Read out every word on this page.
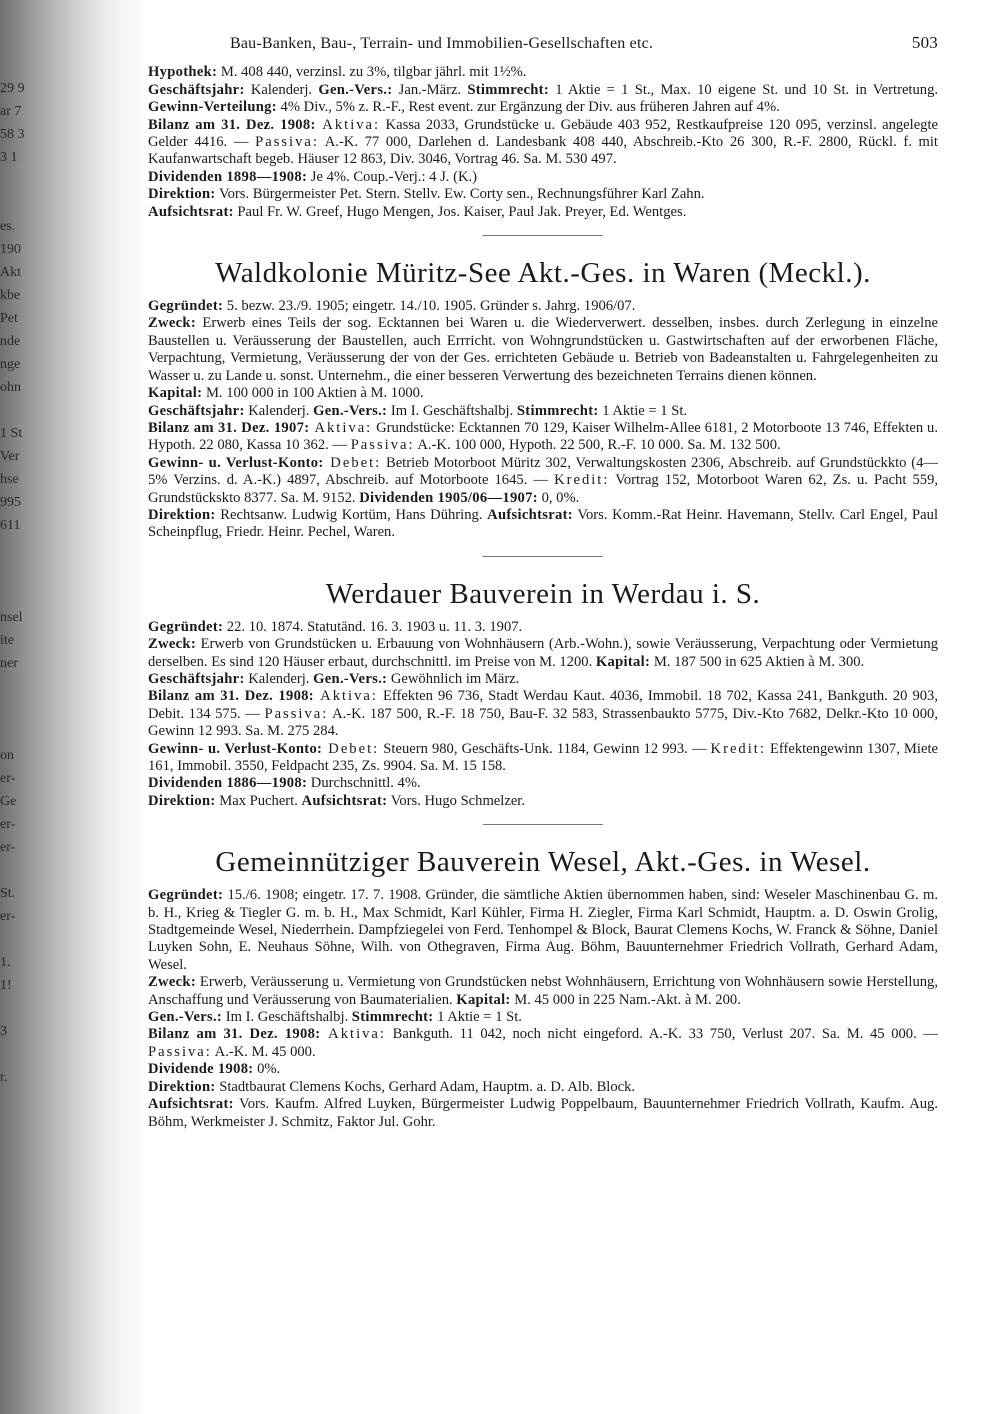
29 9
ar 7
58 3
3 1
es.
190
Akt
kbe
Pet
nde
nge
ohn
1 St
Ver
hse
995
611
nsel
ite
ner
on
er-
Ge
er-
er-
St.
er-
1.
1!
3
r.
Bau-Banken, Bau-, Terrain- und Immobilien-Gesellschaften etc.	503

Hypothek: M. 408 440, verzinsl. zu 3%, tilgbar jährl. mit 1½%.

Geschäftsjahr: Kalenderj. Gen.-Vers.: Jan.-März. Stimmrecht: 1 Aktie = 1 St., Max. 10 eigene St. und 10 St. in Vertretung. Gewinn-Verteilung: 4% Div., 5% z. R.-F., Rest event. zur Ergänzung der Div. aus früheren Jahren auf 4%.

Bilanz am 31. Dez. 1908: Aktiva: Kassa 2033, Grundstücke u. Gebäude 403 952, Restkaufpreise 120 095, verzinsl. angelegte Gelder 4416. — Passiva: A.-K. 77 000, Darlehen d. Landesbank 408 440, Abschreib.-Kto 26 300, R.-F. 2800, Rückl. f. mit Kaufanwartschaft begeb. Häuser 12 863, Div. 3046, Vortrag 46. Sa. M. 530 497.

Dividenden 1898—1908: Je 4%. Coup.-Verj.: 4 J. (K.)

Direktion: Vors. Bürgermeister Pet. Stern. Stellv. Ew. Corty sen., Rechnungsführer Karl Zahn.

Aufsichtsrat: Paul Fr. W. Greef, Hugo Mengen, Jos. Kaiser, Paul Jak. Preyer, Ed. Wentges.

Waldkolonie Müritz-See Akt.-Ges. in Waren (Meckl.).

Gegründet: 5. bezw. 23./9. 1905; eingetr. 14./10. 1905. Gründer s. Jahrg. 1906/07.

Zweck: Erwerb eines Teils der sog. Ecktannen bei Waren u. die Wiederverwert. desselben, insbes. durch Zerlegung in einzelne Baustellen u. Veräusserung der Baustellen, auch Errricht. von Wohngrundstücken u. Gastwirtschaften auf der erworbenen Fläche, Verpachtung, Vermietung, Veräusserung der von der Ges. errichteten Gebäude u. Betrieb von Badeanstalten u. Fahrgelegenheiten zu Wasser u. zu Lande u. sonst. Unternehm., die einer besseren Verwertung des bezeichneten Terrains dienen können.

Kapital: M. 100 000 in 100 Aktien à M. 1000.

Geschäftsjahr: Kalenderj. Gen.-Vers.: Im I. Geschäftshalbj. Stimmrecht: 1 Aktie = 1 St.

Bilanz am 31. Dez. 1907: Aktiva: Grundstücke: Ecktannen 70 129, Kaiser Wilhelm-Allee 6181, 2 Motorboote 13 746, Effekten u. Hypoth. 22 080, Kassa 10 362. — Passiva: A.-K. 100 000, Hypoth. 22 500, R.-F. 10 000. Sa. M. 132 500.

Gewinn- u. Verlust-Konto: Debet: Betrieb Motorboot Müritz 302, Verwaltungskosten 2306, Abschreib. auf Grundstückkto (4—5% Verzins. d. A.-K.) 4897, Abschreib. auf Motorboote 1645. — Kredit: Vortrag 152, Motorboot Waren 62, Zs. u. Pacht 559, Grundstückskto 8377. Sa. M. 9152. Dividenden 1905/06—1907: 0, 0%.

Direktion: Rechtsanw. Ludwig Kortüm, Hans Dühring. Aufsichtsrat: Vors. Komm.-Rat Heinr. Havemann, Stellv. Carl Engel, Paul Scheinpflug, Friedr. Heinr. Pechel, Waren.

Werdauer Bauverein in Werdau i. S.

Gegründet: 22. 10. 1874. Statutänd. 16. 3. 1903 u. 11. 3. 1907.

Zweck: Erwerb von Grundstücken u. Erbauung von Wohnhäusern (Arb.-Wohn.), sowie Veräusserung, Verpachtung oder Vermietung derselben. Es sind 120 Häuser erbaut, durchschnittl. im Preise von M. 1200. Kapital: M. 187 500 in 625 Aktien à M. 300.

Geschäftsjahr: Kalenderj. Gen.-Vers.: Gewöhnlich im März.

Bilanz am 31. Dez. 1908: Aktiva: Effekten 96 736, Stadt Werdau Kaut. 4036, Immobil. 18 702, Kassa 241, Bankguth. 20 903, Debit. 134 575. — Passiva: A.-K. 187 500, R.-F. 18 750, Bau-F. 32 583, Strassenbaukto 5775, Div.-Kto 7682, Delkr.-Kto 10 000, Gewinn 12 993. Sa. M. 275 284.

Gewinn- u. Verlust-Konto: Debet: Steuern 980, Geschäfts-Unk. 1184, Gewinn 12 993. — Kredit: Effektengewinn 1307, Miete 161, Immobil. 3550, Feldpacht 235, Zs. 9904. Sa. M. 15 158.

Dividenden 1886—1908: Durchschnittl. 4%.

Direktion: Max Puchert. Aufsichtsrat: Vors. Hugo Schmelzer.

Gemeinnütziger Bauverein Wesel, Akt.-Ges. in Wesel.

Gegründet: 15./6. 1908; eingetr. 17. 7. 1908. Gründer, die sämtliche Aktien übernommen haben, sind: Weseler Maschinenbau G. m. b. H., Krieg & Tiegler G. m. b. H., Max Schmidt, Karl Kühler, Firma H. Ziegler, Firma Karl Schmidt, Hauptm. a. D. Oswin Grolig, Stadtgemeinde Wesel, Niederrhein. Dampfziegelei von Ferd. Tenhompel & Block, Baurat Clemens Kochs, W. Franck & Söhne, Daniel Luyken Sohn, E. Neuhaus Söhne, Wilh. von Othegraven, Firma Aug. Böhm, Bauunternehmer Friedrich Vollrath, Gerhard Adam, Wesel.

Zweck: Erwerb, Veräusserung u. Vermietung von Grundstücken nebst Wohnhäusern, Errichtung von Wohnhäusern sowie Herstellung, Anschaffung und Veräusserung von Baumaterialien. Kapital: M. 45 000 in 225 Nam.-Akt. à M. 200.

Gen.-Vers.: Im I. Geschäftshalbj. Stimmrecht: 1 Aktie = 1 St.

Bilanz am 31. Dez. 1908: Aktiva: Bankguth. 11 042, noch nicht eingeford. A.-K. 33 750, Verlust 207. Sa. M. 45 000. — Passiva: A.-K. M. 45 000.

Dividende 1908: 0%.

Direktion: Stadtbaurat Clemens Kochs, Gerhard Adam, Hauptm. a. D. Alb. Block.

Aufsichtsrat: Vors. Kaufm. Alfred Luyken, Bürgermeister Ludwig Poppelbaum, Bauunternehmer Friedrich Vollrath, Kaufm. Aug. Böhm, Werkmeister J. Schmitz, Faktor Jul. Gohr.
